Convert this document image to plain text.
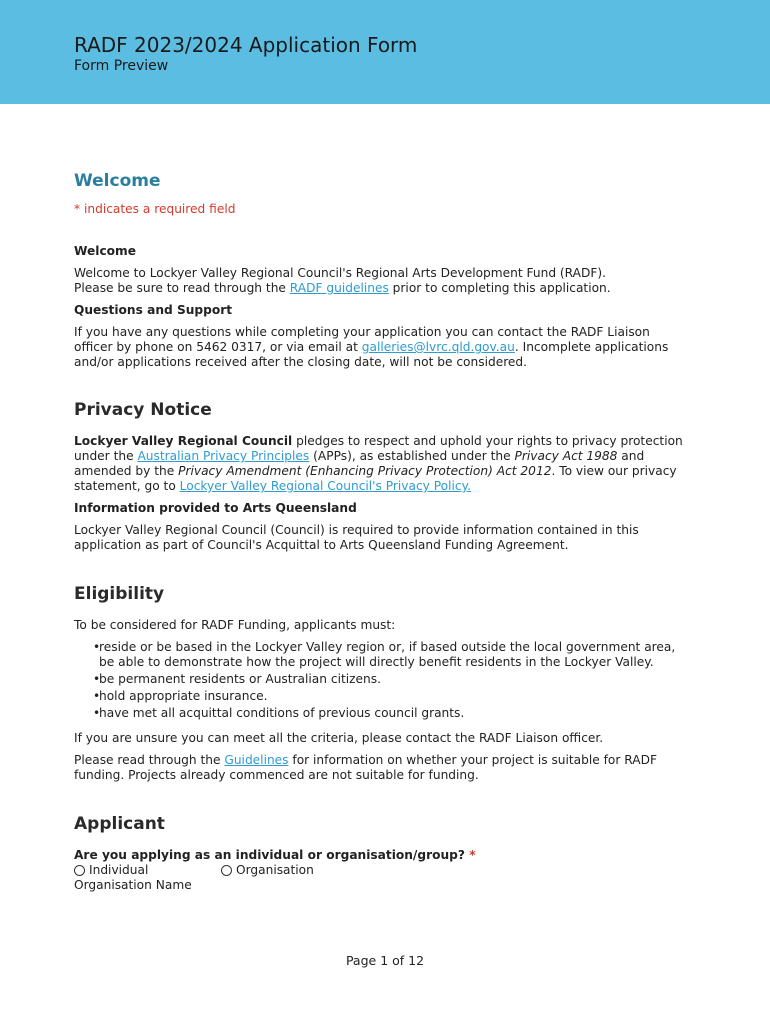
RADF 2023/2024 Application Form
Form Preview
Welcome
* indicates a required field

Welcome

Welcome to Lockyer Valley Regional Council's Regional Arts Development Fund (RADF).
Please be sure to read through the RADF guidelines prior to completing this application.

Questions and Support

If you have any questions while completing your application you can contact the RADF Liaison officer by phone on 5462 0317, or via email at galleries@lvrc.qld.gov.au. Incomplete applications and/or applications received after the closing date, will not be considered.

Privacy Notice

Lockyer Valley Regional Council pledges to respect and uphold your rights to privacy protection under the Australian Privacy Principles (APPs), as established under the Privacy Act 1988 and amended by the Privacy Amendment (Enhancing Privacy Protection) Act 2012. To view our privacy statement, go to Lockyer Valley Regional Council's Privacy Policy.

Information provided to Arts Queensland

Lockyer Valley Regional Council (Council) is required to provide information contained in this application as part of Council's Acquittal to Arts Queensland Funding Agreement.

Eligibility

To be considered for RADF Funding, applicants must:

• reside or be based in the Lockyer Valley region or, if based outside the local government area, be able to demonstrate how the project will directly benefit residents in the Lockyer Valley.
• be permanent residents or Australian citizens.
• hold appropriate insurance.
• have met all acquittal conditions of previous council grants.

If you are unsure you can meet all the criteria, please contact the RADF Liaison officer.

Please read through the Guidelines for information on whether your project is suitable for RADF funding. Projects already commenced are not suitable for funding.

Applicant

Are you applying as an individual or organisation/group? *

Individual	Organisation

Organisation Name

Page 1 of 12
